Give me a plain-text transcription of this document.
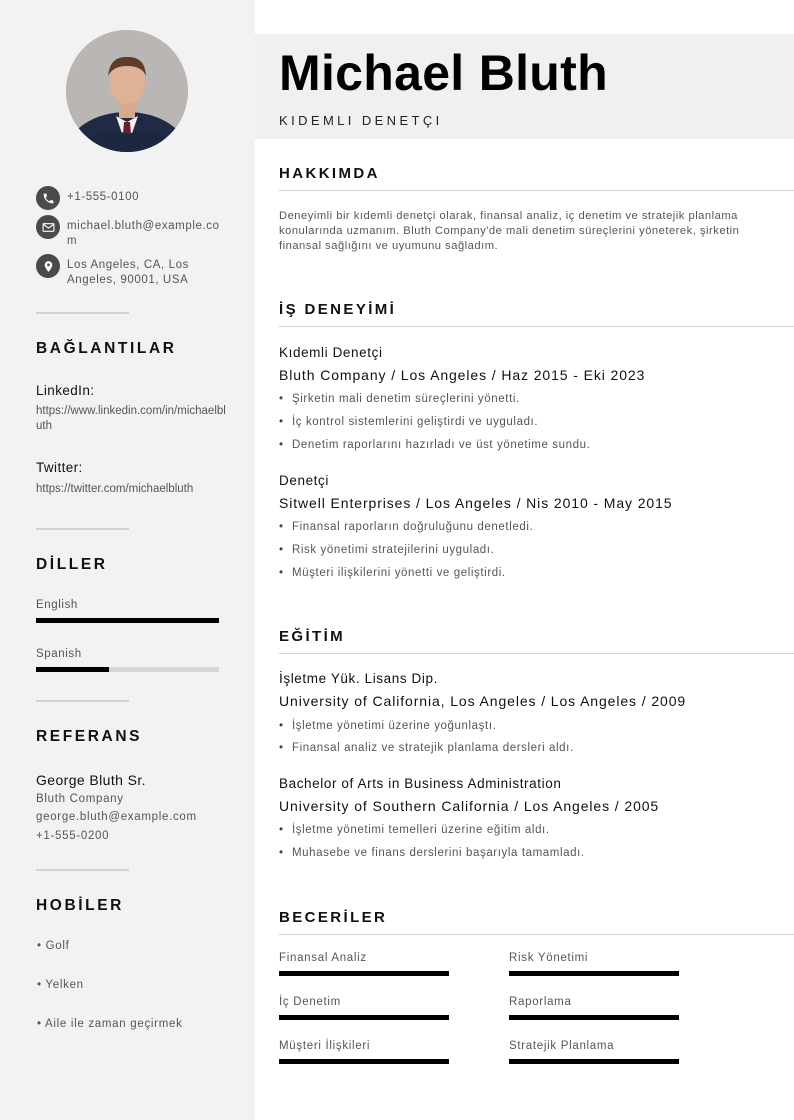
+1-555-0100
michael.bluth@example.com
Los Angeles, CA, Los Angeles, 90001, USA
BAĞLANTILAR
LinkedIn:
https://www.linkedin.com/in/michaelbluth
Twitter:
https://twitter.com/michaelbluth
DİLLER
English
Spanish
REFERANS
George Bluth Sr.
Bluth Company
george.bluth@example.com
+1-555-0200
HOBİLER
• Golf
• Yelken
• Aile ile zaman geçirmek
Michael Bluth
KIDEMLI DENETÇI
HAKKIMDA
Deneyimli bir kıdemli denetçi olarak, finansal analiz, iç denetim ve stratejik planlama konularında uzmanım. Bluth Company'de mali denetim süreçlerini yöneterek, şirketin finansal sağlığını ve uyumunu sağladım.
İŞ DENEYİMİ
Kıdemli Denetçi
Bluth Company / Los Angeles / Haz 2015 - Eki 2023
• Şirketin mali denetim süreçlerini yönetti.
• İç kontrol sistemlerini geliştirdi ve uyguladı.
• Denetim raporlarını hazırladı ve üst yönetime sundu.
Denetçi
Sitwell Enterprises / Los Angeles / Nis 2010 - May 2015
• Finansal raporların doğruluğunu denetledi.
• Risk yönetimi stratejilerini uyguladı.
• Müşteri ilişkilerini yönetti ve geliştirdi.
EĞİTİM
İşletme Yük. Lisans Dip.
University of California, Los Angeles / Los Angeles / 2009
• İşletme yönetimi üzerine yoğunlaştı.
• Finansal analiz ve stratejik planlama dersleri aldı.
Bachelor of Arts in Business Administration
University of Southern California / Los Angeles / 2005
• İşletme yönetimi temelleri üzerine eğitim aldı.
• Muhasebe ve finans derslerini başarıyla tamamladı.
BECERİLER
Finansal Analiz	Risk Yönetimi
İç Denetim	Raporlama
Müşteri İlişkileri	Stratejik Planlama
